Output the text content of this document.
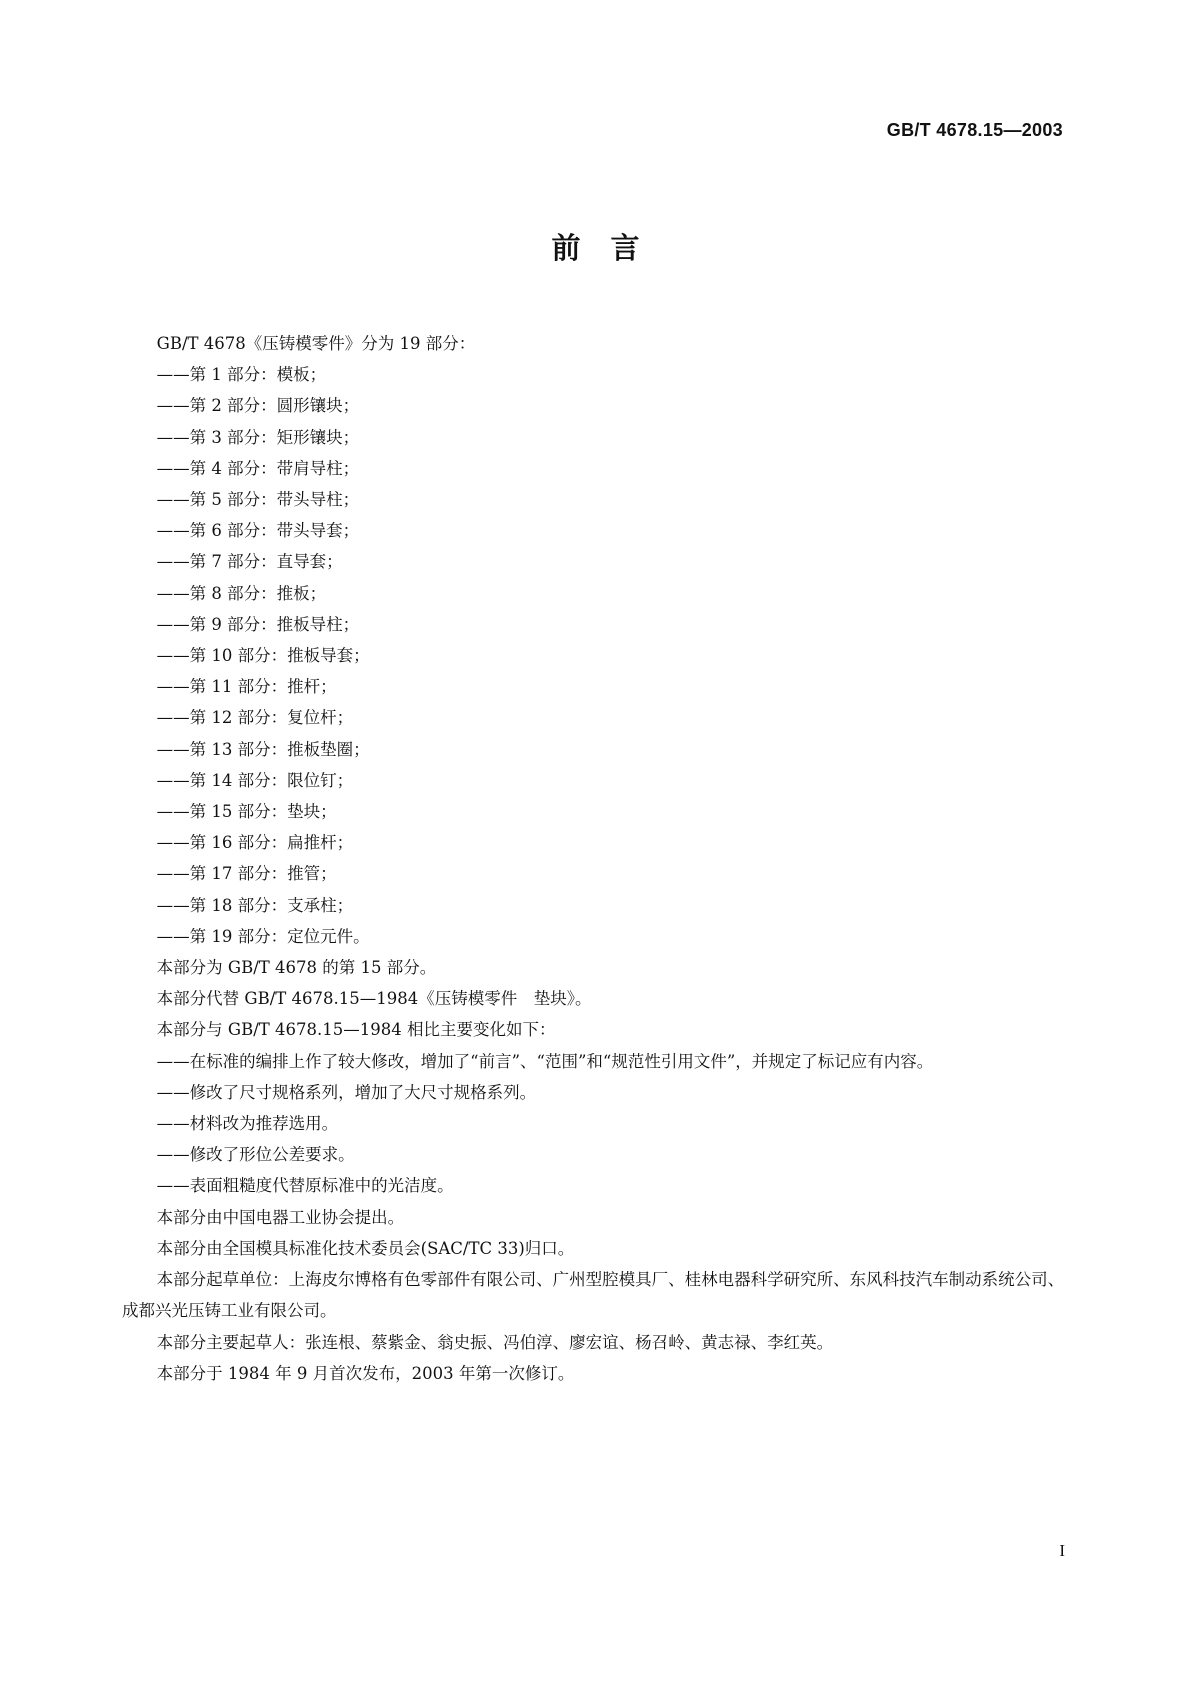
GB/T 4678.15—2003
前言

GB/T 4678《压铸模零件》分为 19 部分：

——第 1 部分：模板；

——第 2 部分：圆形镶块；

——第 3 部分：矩形镶块；

——第 4 部分：带肩导柱；

——第 5 部分：带头导柱；

——第 6 部分：带头导套；

——第 7 部分：直导套；

——第 8 部分：推板；

——第 9 部分：推板导柱；

——第 10 部分：推板导套；

——第 11 部分：推杆；

——第 12 部分：复位杆；

——第 13 部分：推板垫圈；

——第 14 部分：限位钉；

——第 15 部分：垫块；

——第 16 部分：扁推杆；

——第 17 部分：推管；

——第 18 部分：支承柱；

——第 19 部分：定位元件。

本部分为 GB/T 4678 的第 15 部分。

本部分代替 GB/T 4678.15—1984《压铸模零件　垫块》。

本部分与 GB/T 4678.15—1984 相比主要变化如下：

——在标准的编排上作了较大修改，增加了“前言”、“范围”和“规范性引用文件”，并规定了标记应有内容。

——修改了尺寸规格系列，增加了大尺寸规格系列。

——材料改为推荐选用。

——修改了形位公差要求。

——表面粗糙度代替原标准中的光洁度。

本部分由中国电器工业协会提出。

本部分由全国模具标准化技术委员会(SAC/TC 33)归口。

本部分起草单位：上海皮尔博格有色零部件有限公司、广州型腔模具厂、桂林电器科学研究所、东风科技汽车制动系统公司、成都兴光压铸工业有限公司。

本部分主要起草人：张连根、蔡紫金、翁史振、冯伯淳、廖宏谊、杨召岭、黄志禄、李红英。

本部分于 1984 年 9 月首次发布，2003 年第一次修订。

I
